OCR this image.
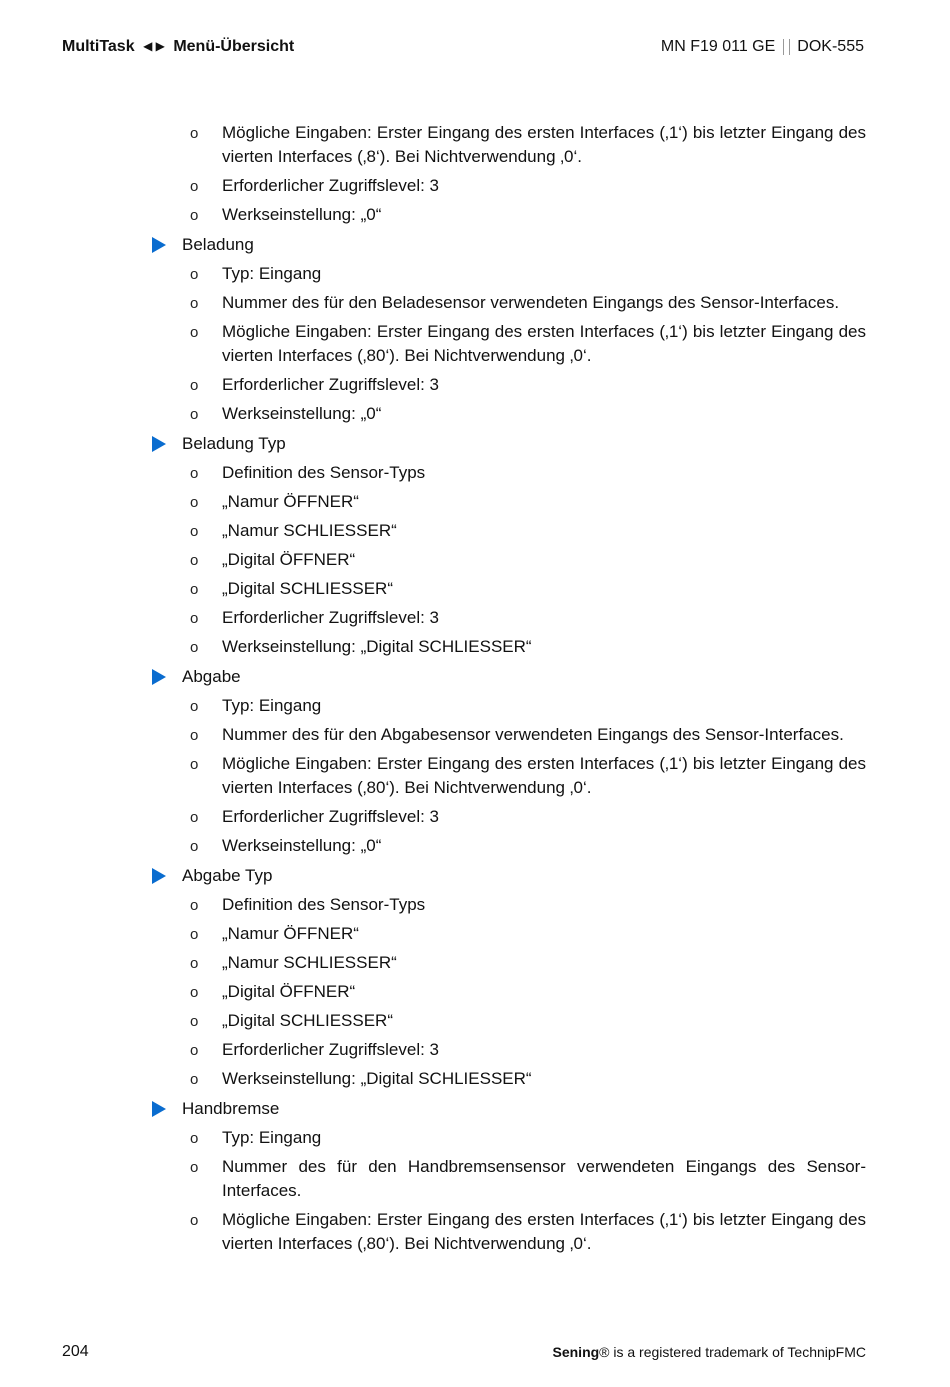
MultiTask ◀ ▶ Menü-Übersicht	MN F19 011 GE DOK-555
o Mögliche Eingaben: Erster Eingang des ersten Interfaces (‚1‘) bis letzter Eingang des vierten Interfaces (‚8‘). Bei Nichtverwendung ‚0‘.
o Erforderlicher Zugriffslevel: 3
o Werkseinstellung: „0“
Beladung
o Typ: Eingang
o Nummer des für den Beladesensor verwendeten Eingangs des Sensor-Interfaces.
o Mögliche Eingaben: Erster Eingang des ersten Interfaces (‚1‘) bis letzter Eingang des vierten Interfaces (‚80‘). Bei Nichtverwendung ‚0‘.
o Erforderlicher Zugriffslevel: 3
o Werkseinstellung: „0“
Beladung Typ
o Definition des Sensor-Typs
o „Namur ÖFFNER“
o „Namur SCHLIESSER“
o „Digital ÖFFNER“
o „Digital SCHLIESSER“
o Erforderlicher Zugriffslevel: 3
o Werkseinstellung: „Digital SCHLIESSER“
Abgabe
o Typ: Eingang
o Nummer des für den Abgabesensor verwendeten Eingangs des Sensor-Interfaces.
o Mögliche Eingaben: Erster Eingang des ersten Interfaces (‚1‘) bis letzter Eingang des vierten Interfaces (‚80‘). Bei Nichtverwendung ‚0‘.
o Erforderlicher Zugriffslevel: 3
o Werkseinstellung: „0“
Abgabe Typ
o Definition des Sensor-Typs
o „Namur ÖFFNER“
o „Namur SCHLIESSER“
o „Digital ÖFFNER“
o „Digital SCHLIESSER“
o Erforderlicher Zugriffslevel: 3
o Werkseinstellung: „Digital SCHLIESSER“
Handbremse
o Typ: Eingang
o Nummer des für den Handbremsensensor verwendeten Eingangs des Sensor-Interfaces.
o Mögliche Eingaben: Erster Eingang des ersten Interfaces (‚1‘) bis letzter Eingang des vierten Interfaces (‚80‘). Bei Nichtverwendung ‚0‘.
204	Sening® is a registered trademark of TechnipFMC
